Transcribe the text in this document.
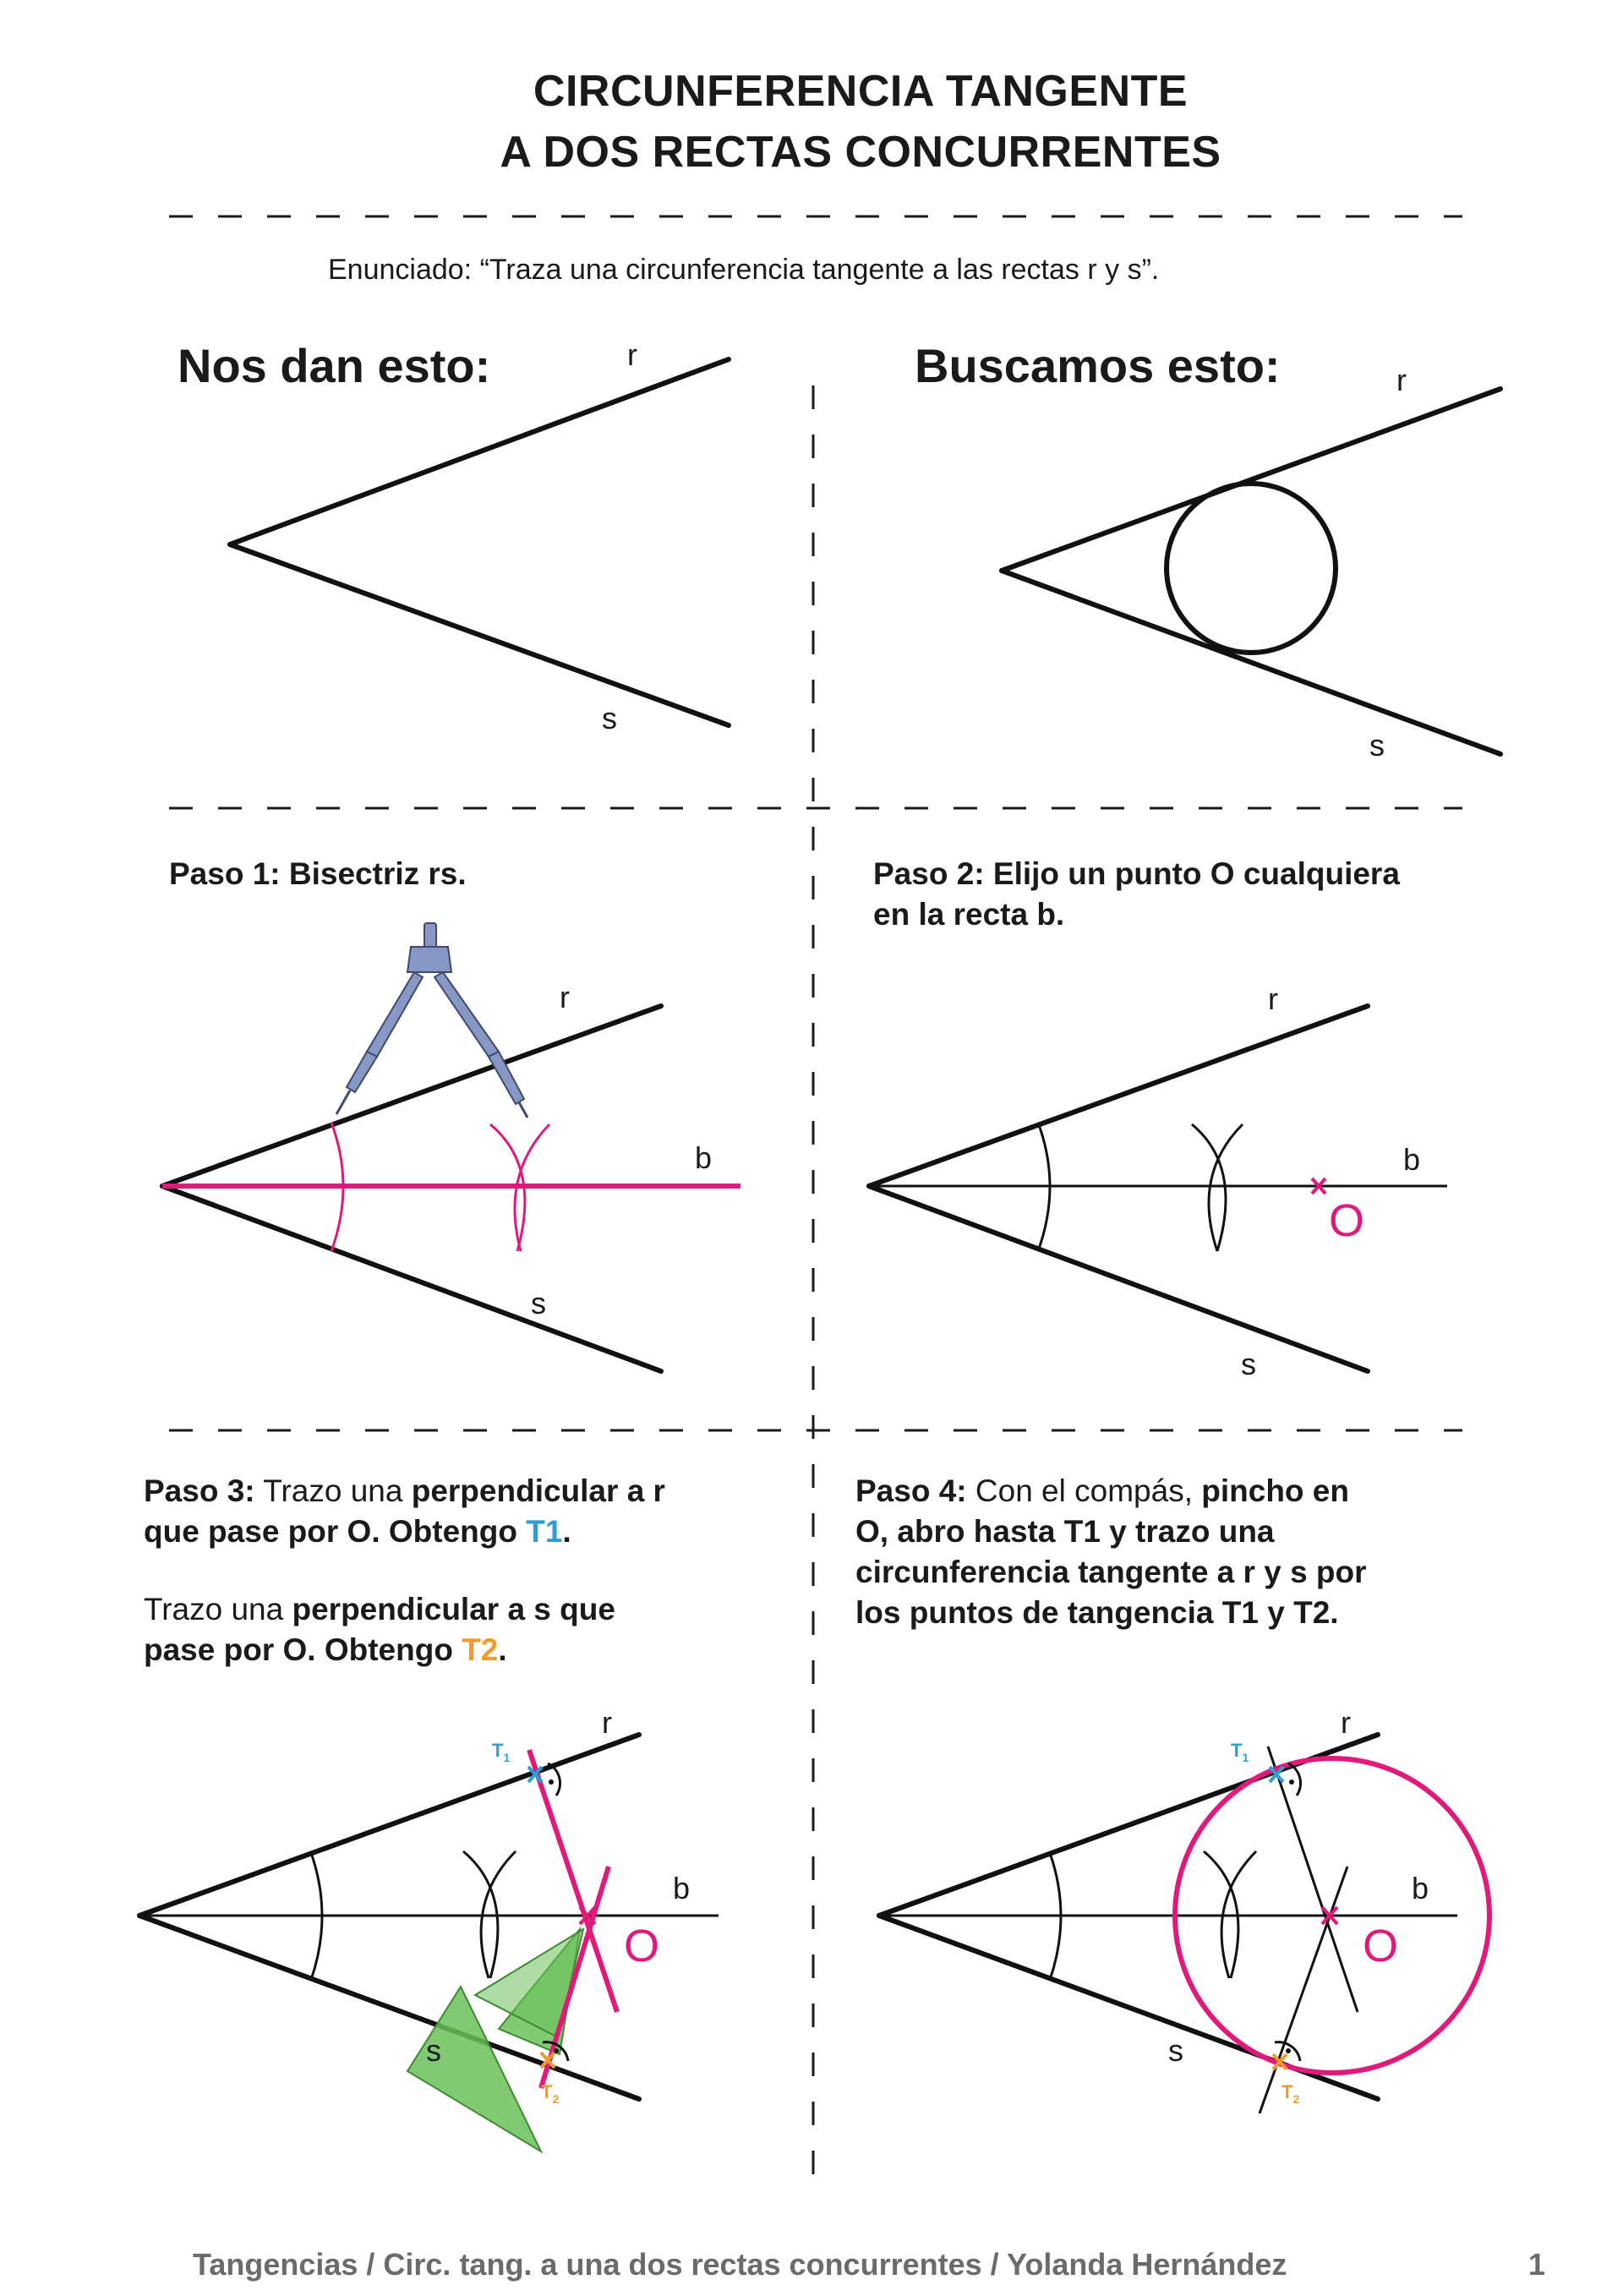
CIRCUNFERENCIA TANGENTE
A DOS RECTAS CONCURRENTES
Enunciado: “Traza una circunferencia tangente a las rectas r y s”.
Nos dan esto:	Buscamos esto:
Paso 1: Bisectriz rs.	Paso 2: Elijo un punto O cualquiera
en la recta b.
Paso 3: Trazo una perpendicular a r
que pase por O. Obtengo T1.
Trazo una perpendicular a s que
pase por O. Obtengo T2.
Paso 4: Con el compás, pincho en
O, abro hasta T1 y trazo una
circunferencia tangente a r y s por
los puntos de tangencia T1 y T2.
r
s
r
s
r
s
b
r
s
b
O
r
s
b
O
$T_1$
$T_2$
r
s
b
O
$T_1$
$T_2$
Tangencias / Circ. tang. a una dos rectas concurrentes / Yolanda Hernández	1
